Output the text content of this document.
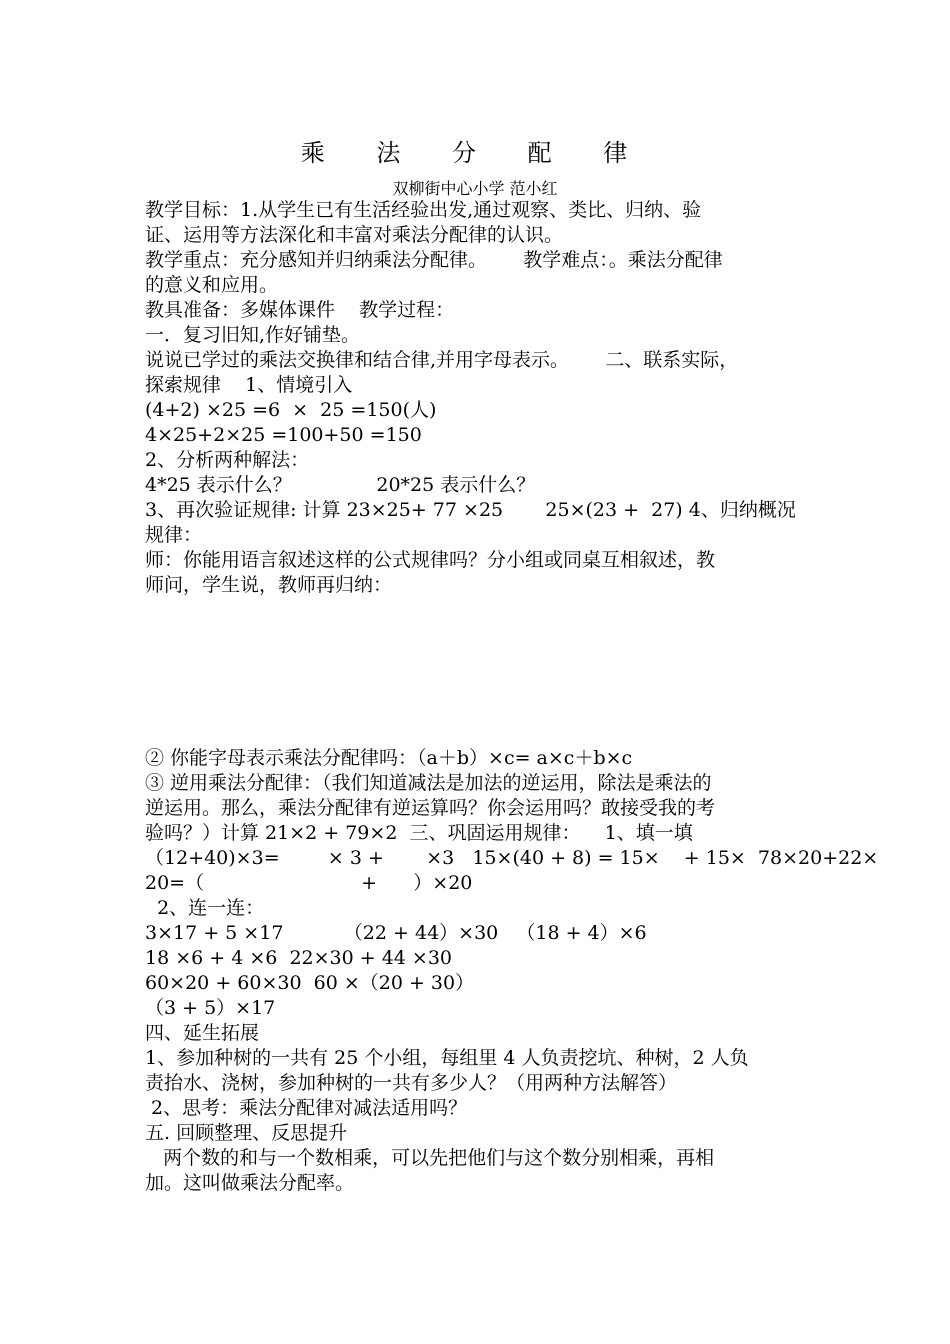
乘 法 分 配 律
双柳街中心小学 范小红
教学目标：1.从学生已有生活经验出发,通过观察、类比、归纳、验
证、运用等方法深化和丰富对乘法分配律的认识。
教学重点：充分感知并归纳乘法分配律。      教学难点：。乘法分配律
的意义和应用。
教具准备：多媒体课件    教学过程：
一．复习旧知,作好铺垫。
说说已学过的乘法交换律和结合律,并用字母表示。      二、联系实际，
探索规律    1、情境引入
(4+2) ×25 =6  ×  25 =150(人)
4×25+2×25 =100+50 =150
2、分析两种解法：
4*25 表示什么？              20*25 表示什么？
3、再次验证规律: 计算 23×25+ 77 ×25       25×(23 +  27) 4、归纳概况
规律：
师：你能用语言叙述这样的公式规律吗？分小组或同桌互相叙述，教
师问，学生说，教师再归纳：
② 你能字母表示乘法分配律吗：（a＋b）×c= a×c＋b×c
③ 逆用乘法分配律：（我们知道减法是加法的逆运用，除法是乘法的
逆运用。那么，乘法分配律有逆运算吗？你会运用吗？敢接受我的考
验吗？）计算 21×2 + 79×2  三、巩固运用规律：    1、填一填
（12+40)×3=        × 3 +       ×3   15×(40 + 8) = 15×    + 15×  78×20+22×
20=（                          +      ）×20
2、连一连：
3×17 + 5 ×17          （22 + 44）×30   （18 + 4）×6
18 ×6 + 4 ×6  22×30 + 44 ×30
60×20 + 60×30  60 ×（20 + 30）
（3 + 5）×17
四、延生拓展
1、参加种树的一共有 25 个小组，每组里 4 人负责挖坑、种树，2 人负
责抬水、浇树，参加种树的一共有多少人？（用两种方法解答）
2、思考：乘法分配律对减法适用吗？
五. 回顾整理、反思提升
两个数的和与一个数相乘，可以先把他们与这个数分别相乘，再相
加。这叫做乘法分配率。
